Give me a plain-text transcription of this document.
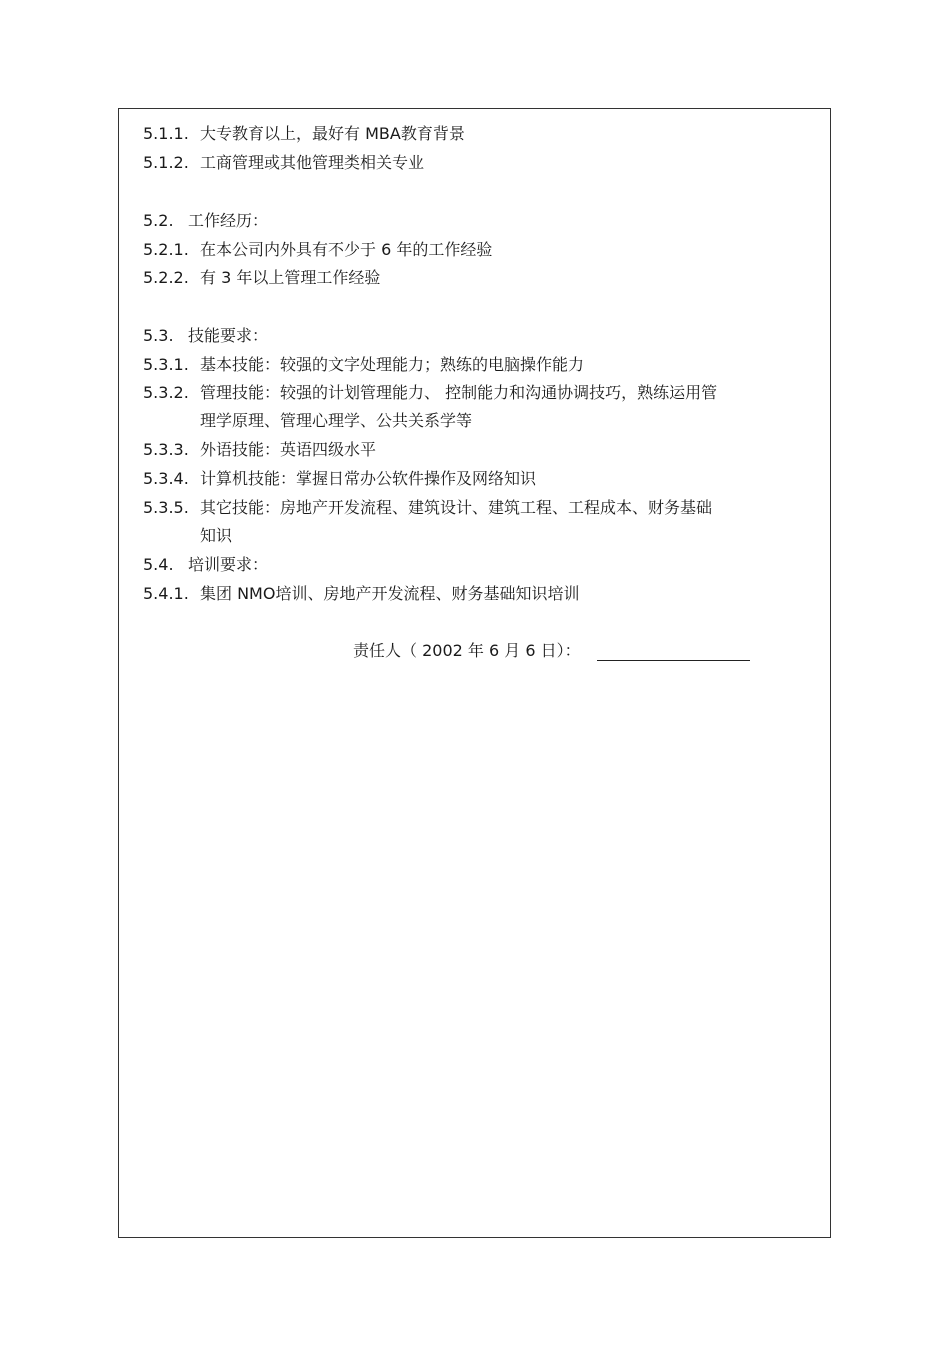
5.1.1. 大专教育以上，最好有 MBA教育背景
5.1.2. 工商管理或其他管理类相关专业
5.2. 工作经历：
5.2.1. 在本公司内外具有不少于 6 年的工作经验
5.2.2. 有 3 年以上管理工作经验
5.3. 技能要求：
5.3.1. 基本技能：较强的文字处理能力；熟练的电脑操作能力
5.3.2. 管理技能：较强的计划管理能力、 控制能力和沟通协调技巧，熟练运用管
理学原理、管理心理学、公共关系学等
5.3.3. 外语技能：英语四级水平
5.3.4. 计算机技能：掌握日常办公软件操作及网络知识
5.3.5. 其它技能：房地产开发流程、建筑设计、建筑工程、工程成本、财务基础
知识
5.4. 培训要求：
5.4.1. 集团 NMO培训、房地产开发流程、财务基础知识培训
责任人（ 2002 年 6 月 6 日）：
